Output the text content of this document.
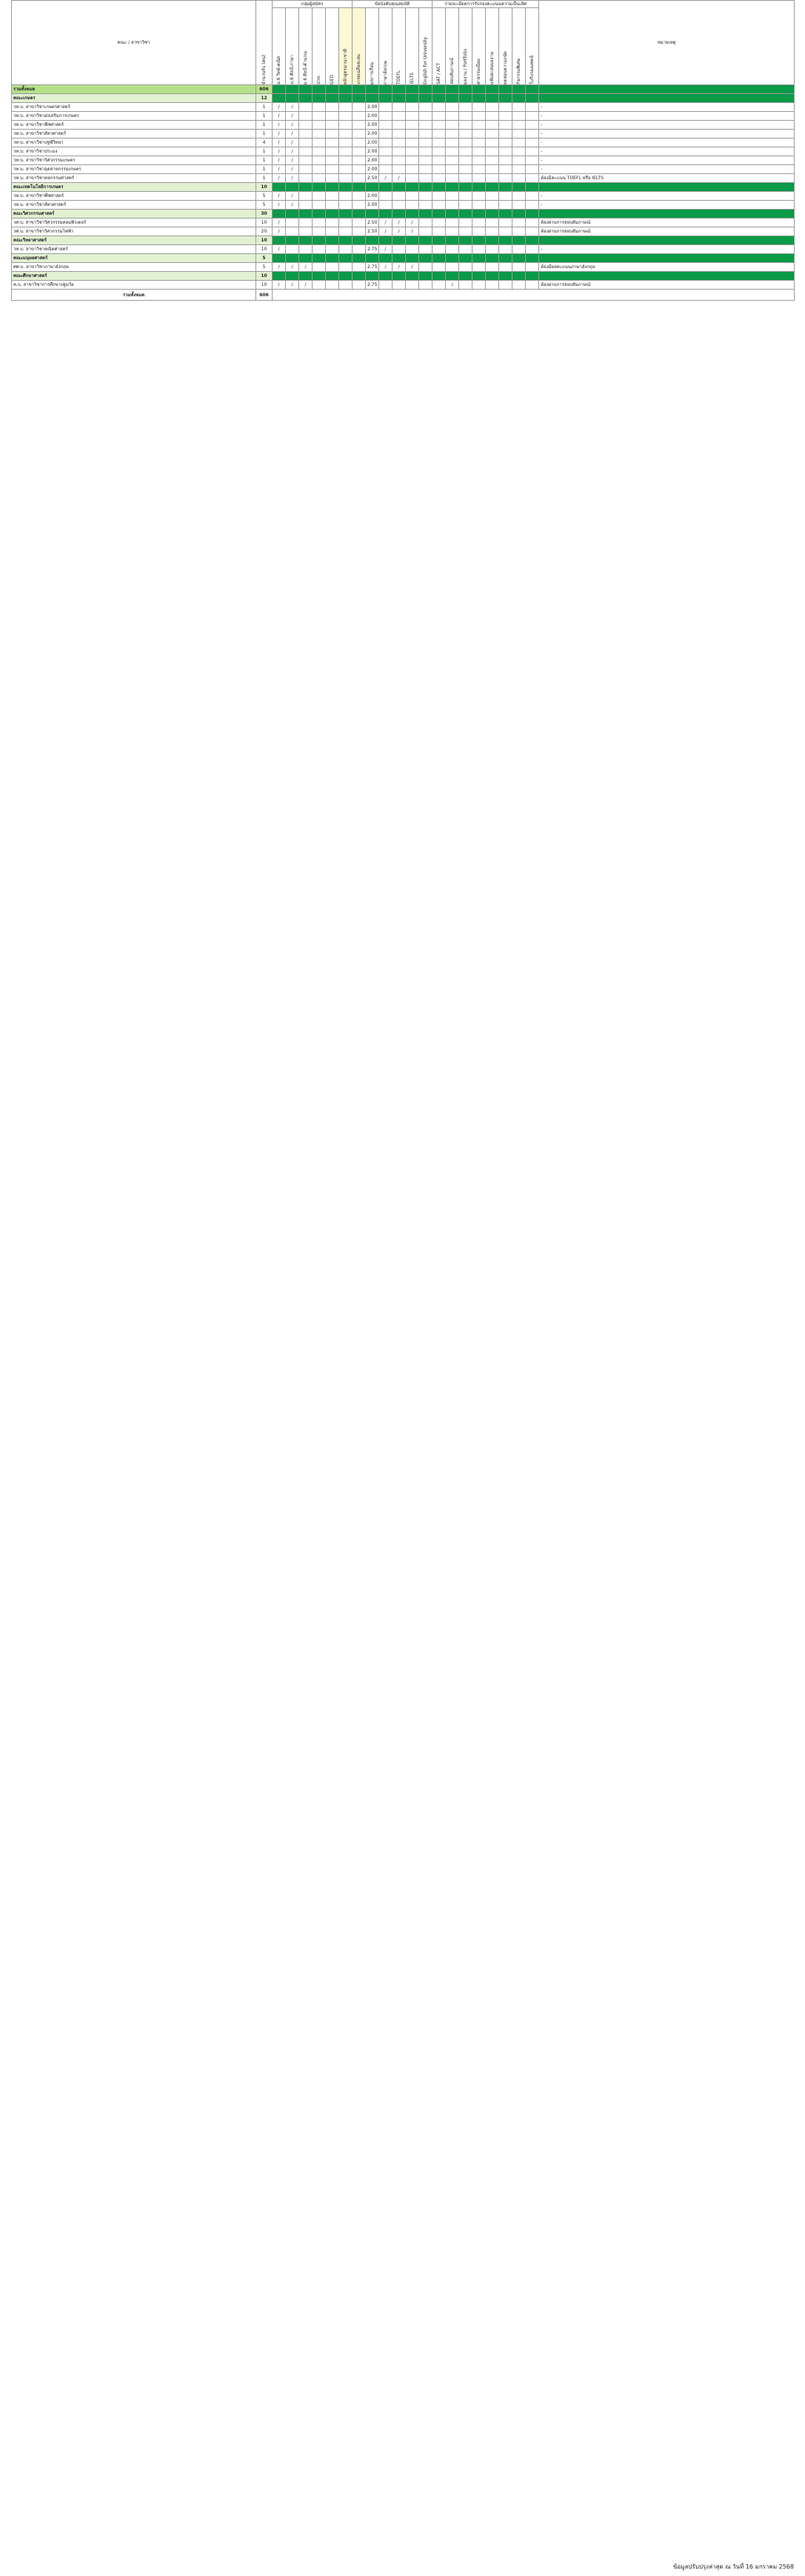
คณะ / สาขาวิชา	จำนวนรับ (คน)	กลุ่มผู้สมัคร						ข้อบังคับคุณสมบัติ						รายละเอียดการรับรองคะแนนความเป็นเลิศ								หมายเหตุ

		ม.6 วิทย์-คณิต	ม.6 ศิลป์-ภาษา	ม.6 ศิลป์-คำนวณ	ปวช.	GED	หลักสูตรนานาชาติ	เกรดเฉลี่ยสะสม	ผลการเรียน	ภาษาอังกฤษ	TOEFL	IELTS	English for University	SAT / ACT	สอบสัมภาษณ์	ผลงาน / Portfolio	ค่าธรรมเนียม	แฟ้มสะสมผลงาน	ทดสอบความถนัด	กิจกรรมพิเศษ	ใบรับรองแพทย์	

รวมทั้งหมด	606																					
คณะเกษตร	12																					
วท.บ. สาขาวิชาเกษตรศาสตร์	1	/	/						2.00													-
วท.บ. สาขาวิชาส่งเสริมการเกษตร	1	/	/						2.00													-
วท.บ. สาขาวิชาพืชศาสตร์	1	/	/						2.00													-
วท.บ. สาขาวิชาสัตวศาสตร์	1	/	/						2.00													-
วท.บ. สาขาวิชาปฐพีวิทยา	4	/	/						2.00													-
วท.บ. สาขาวิชาประมง	1	/	/						2.00													-
วท.บ. สาขาวิชาวิศวกรรมเกษตร	1	/	/						2.00													-
วท.บ. สาขาวิชาอุตสาหกรรมเกษตร	1	/	/						2.00													-
วท.บ. สาขาวิชาคหกรรมศาสตร์	1	/	/						2.50	/	/											ต้องมีคะแนน TOEFL หรือ IELTS
คณะเทคโนโลยีการเกษตร	10																					
วท.บ. สาขาวิชาพืชศาสตร์	5	/	/						2.00													-
วท.บ. สาขาวิชาสัตวศาสตร์	5	/	/						2.00													-
คณะวิศวกรรมศาสตร์	30																					
วศ.บ. สาขาวิชาวิศวกรรมคอมพิวเตอร์	10	/							2.50	/	/	/										ต้องผ่านการสอบสัมภาษณ์
วศ.บ. สาขาวิชาวิศวกรรมไฟฟ้า	20	/							2.50	/	/	/										ต้องผ่านการสอบสัมภาษณ์
คณะวิทยาศาสตร์	10																					
วท.บ. สาขาวิชาคณิตศาสตร์	10	/							2.75	/												-
คณะมนุษยศาสตร์	5																					
ศศ.บ. สาขาวิชาภาษาอังกฤษ	5	/	/	/					2.75	/	/	/										ต้องมีผลคะแนนภาษาอังกฤษ
คณะศึกษาศาสตร์	10																					
ค.บ. สาขาวิชาการศึกษาปฐมวัย	10	/	/	/					2.75						/							ต้องผ่านการสอบสัมภาษณ์
รวมทั้งหมด	606																					
ข้อมูลปรับปรุงล่าสุด ณ วันที่ 16 มกราคม 2568
